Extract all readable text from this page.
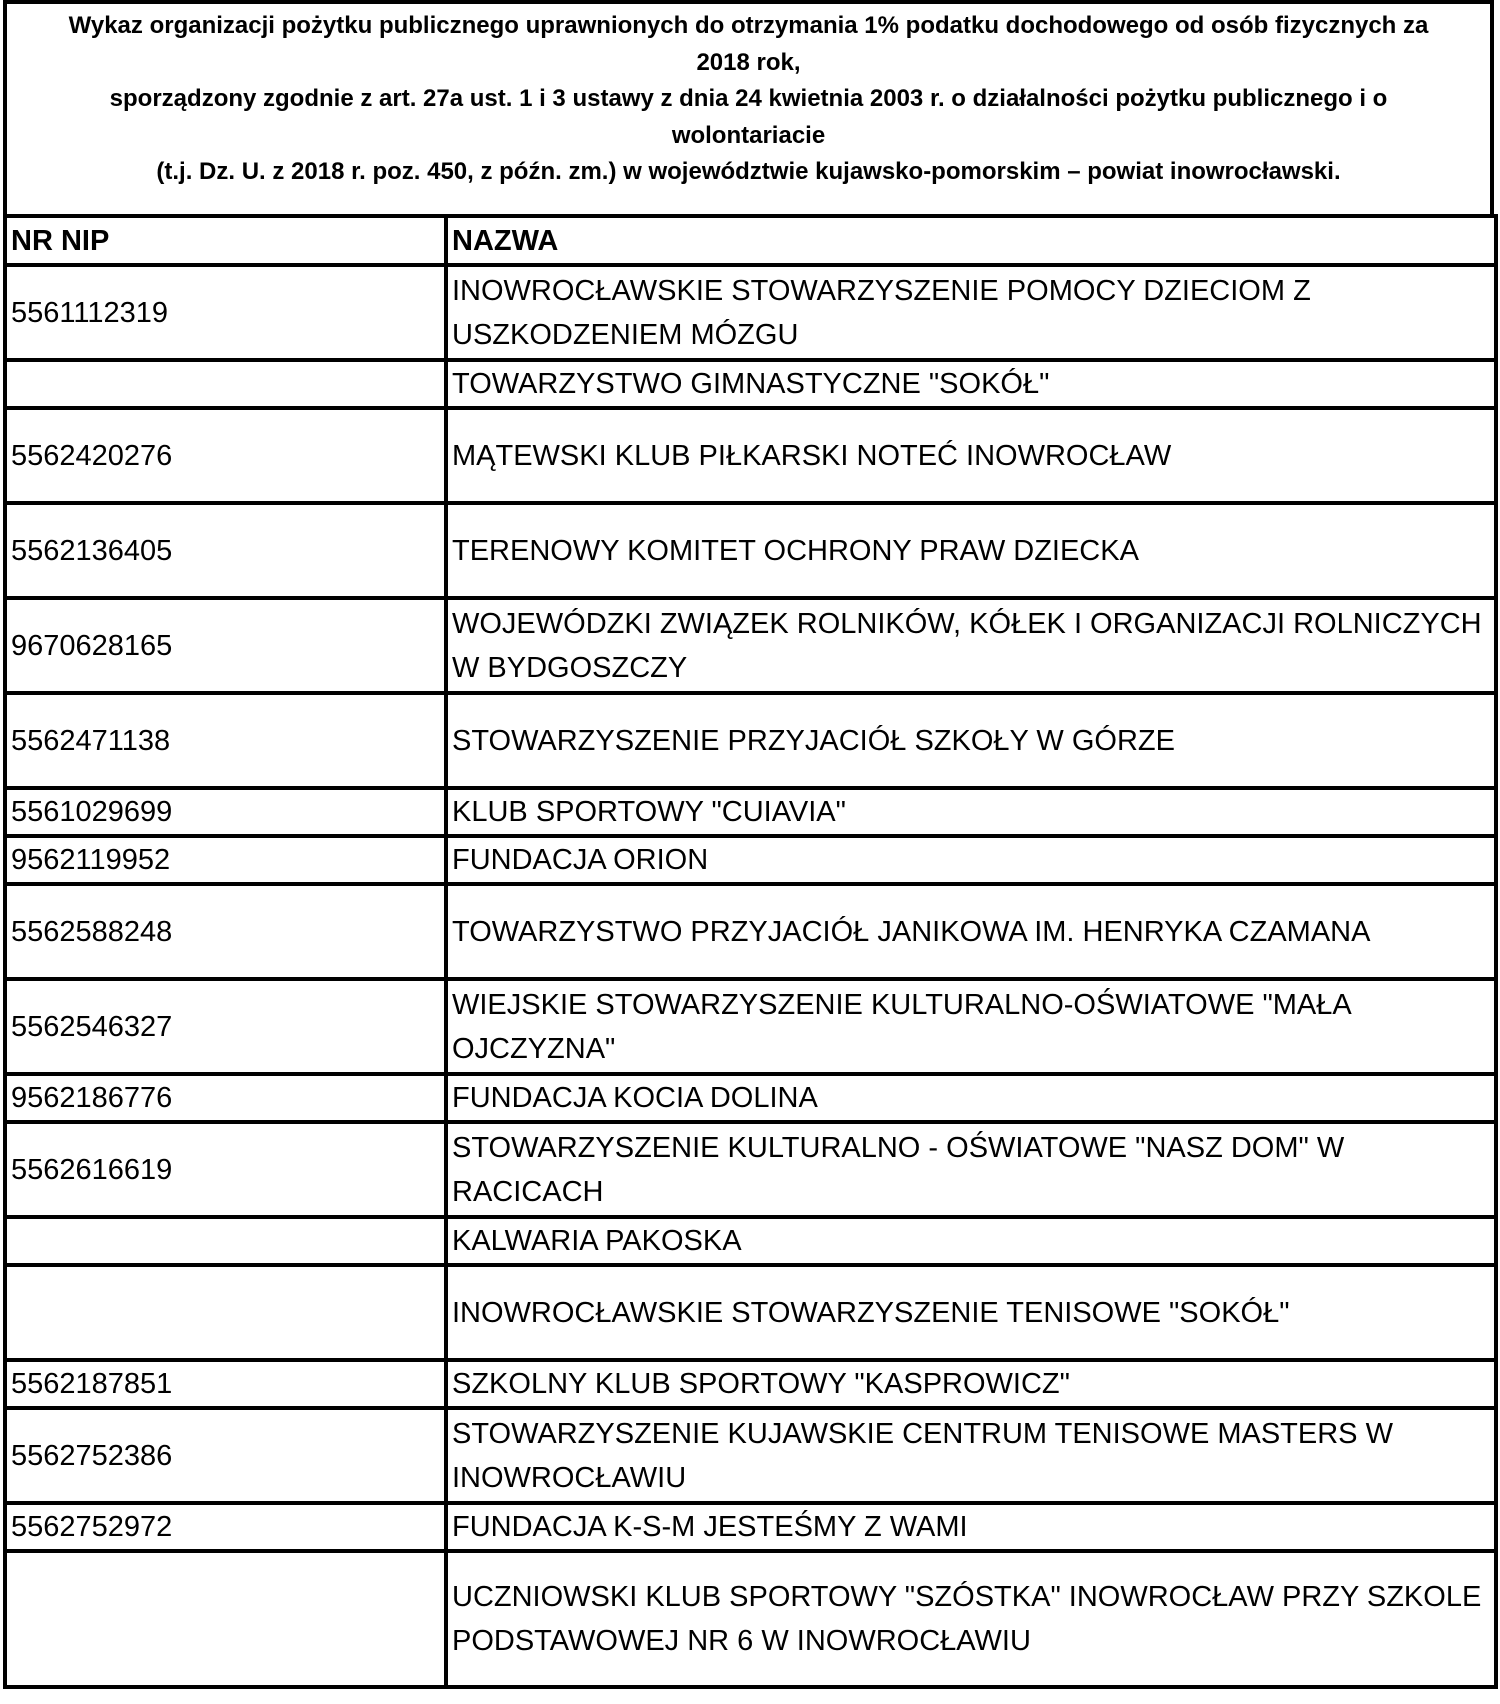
Wykaz organizacji pożytku publicznego uprawnionych do otrzymania 1% podatku dochodowego od osób fizycznych za
2018 rok,
sporządzony zgodnie z art. 27a ust. 1 i 3 ustawy z dnia 24 kwietnia 2003 r. o działalności pożytku publicznego i o
wolontariacie
(t.j. Dz. U. z 2018 r. poz. 450, z późn. zm.) w województwie kujawsko-pomorskim – powiat inowrocławski.
NR NIP	NAZWA
5561112319	INOWROCŁAWSKIE STOWARZYSZENIE POMOCY DZIECIOM Z USZKODZENIEM MÓZGU
	TOWARZYSTWO GIMNASTYCZNE "SOKÓŁ"
5562420276	MĄTEWSKI KLUB PIŁKARSKI NOTEĆ INOWROCŁAW
5562136405	TERENOWY KOMITET OCHRONY PRAW DZIECKA
9670628165	WOJEWÓDZKI ZWIĄZEK ROLNIKÓW, KÓŁEK I ORGANIZACJI ROLNICZYCH W BYDGOSZCZY
5562471138	STOWARZYSZENIE PRZYJACIÓŁ SZKOŁY W GÓRZE
5561029699	KLUB SPORTOWY "CUIAVIA"
9562119952	FUNDACJA ORION
5562588248	TOWARZYSTWO PRZYJACIÓŁ JANIKOWA IM. HENRYKA CZAMANA
5562546327	WIEJSKIE STOWARZYSZENIE KULTURALNO-OŚWIATOWE "MAŁA OJCZYZNA"
9562186776	FUNDACJA KOCIA DOLINA
5562616619	STOWARZYSZENIE KULTURALNO - OŚWIATOWE "NASZ DOM" W RACICACH
	KALWARIA PAKOSKA
	INOWROCŁAWSKIE STOWARZYSZENIE TENISOWE "SOKÓŁ"
5562187851	SZKOLNY KLUB SPORTOWY "KASPROWICZ"
5562752386	STOWARZYSZENIE KUJAWSKIE CENTRUM TENISOWE MASTERS W INOWROCŁAWIU
5562752972	FUNDACJA K-S-M JESTEŚMY Z WAMI
	UCZNIOWSKI KLUB SPORTOWY "SZÓSTKA" INOWROCŁAW PRZY SZKOLE PODSTAWOWEJ NR 6 W INOWROCŁAWIU
